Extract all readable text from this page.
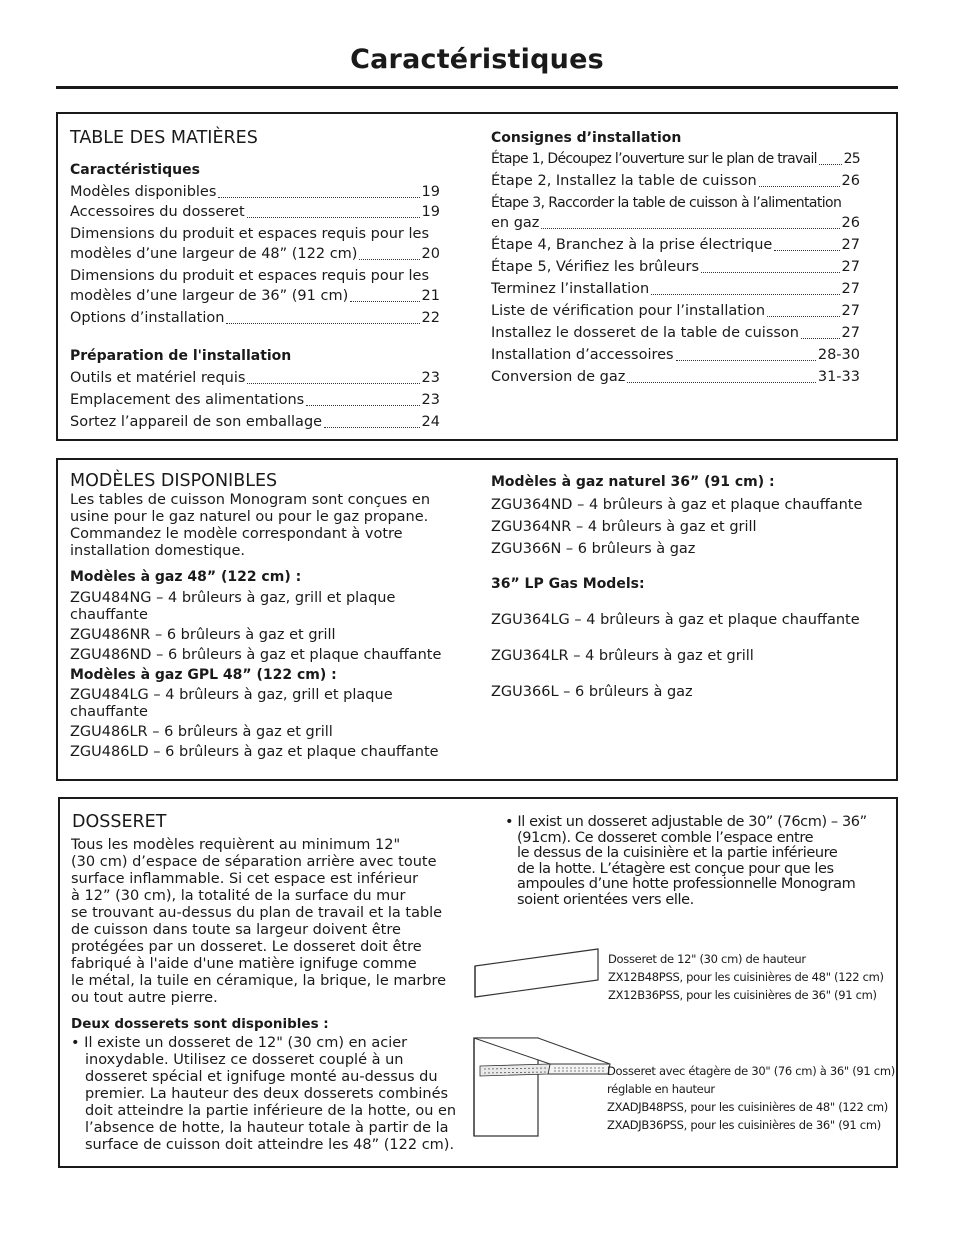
Caractéristiques
TABLE DES MATIÈRES
Caractéristiques
Modèles disponibles	19
Accessoires du dosseret	19
Dimensions du produit et espaces requis pour les
modèles d’une largeur de 48” (122 cm)	20
Dimensions du produit et espaces requis pour les
modèles d’une largeur de 36” (91 cm)	21
Options d’installation	22
Préparation de l'installation
Outils et matériel requis	23
Emplacement des alimentations	23
Sortez l’appareil de son emballage	24
Consignes d’installation
Étape 1, Découpez l’ouverture sur le plan de travail 25
Étape 2, Installez la table de cuisson	26
Étape 3, Raccorder la table de cuisson à l’alimentation
en gaz	26
Étape 4, Branchez à la prise électrique	27
Étape 5, Vérifiez les brûleurs	27
Terminez l’installation	27
Liste de vérification pour l’installation	27
Installez le dosseret de la table de cuisson	27
Installation d’accessoires	28-30
Conversion de gaz	31-33
MODÈLES DISPONIBLES
Les tables de cuisson Monogram sont conçues en usine pour le gaz naturel ou pour le gaz propane. Commandez le modèle correspondant à votre installation domestique.
Modèles à gaz 48” (122 cm) :
ZGU484NG – 4 brûleurs à gaz, grill et plaque chauffante
ZGU486NR – 6 brûleurs à gaz et grill
ZGU486ND – 6 brûleurs à gaz et plaque chauffante
Modèles à gaz GPL 48” (122 cm) :
ZGU484LG – 4 brûleurs à gaz, grill et plaque chauffante
ZGU486LR – 6 brûleurs à gaz et grill
ZGU486LD – 6 brûleurs à gaz et plaque chauffante
Modèles à gaz naturel 36” (91 cm) :
ZGU364ND – 4 brûleurs à gaz et plaque chauffante
ZGU364NR – 4 brûleurs à gaz et grill
ZGU366N – 6 brûleurs à gaz
36” LP Gas Models:
ZGU364LG – 4 brûleurs à gaz et plaque chauffante
ZGU364LR – 4 brûleurs à gaz et grill
ZGU366L – 6 brûleurs à gaz
DOSSERET
Tous les modèles requièrent au minimum 12"
(30 cm) d’espace de séparation arrière avec toute
surface inflammable. Si cet espace est inférieur
à 12” (30 cm), la totalité de la surface du mur
se trouvant au-dessus du plan de travail et la table
de cuisson dans toute sa largeur doivent être
protégées par un dosseret. Le dosseret doit être
fabriqué à l'aide d'une matière ignifuge comme
le métal, la tuile en céramique, la brique, le marbre
ou tout autre pierre.
Deux dosserets sont disponibles :
• Il existe un dosseret de 12" (30 cm) en acier
inoxydable. Utilisez ce dosseret couplé à un
dosseret spécial et ignifuge monté au-dessus du
premier. La hauteur des deux dosserets combinés
doit atteindre la partie inférieure de la hotte, ou en
l’absence de hotte, la hauteur totale à partir de la
surface de cuisson doit atteindre les 48” (122 cm).
• Il exist un dosseret adjustable de 30” (76cm) – 36”
(91cm). Ce dosseret comble l’espace entre
le dessus de la cuisinière et la partie inférieure
de la hotte. L’étagère est conçue pour que les
ampoules d’une hotte professionnelle Monogram
soient orientées vers elle.
Dosseret de 12" (30 cm) de hauteur
ZX12B48PSS, pour les cuisinières de 48" (122 cm)
ZX12B36PSS, pour les cuisinières de 36" (91 cm)
Dosseret avec étagère de 30" (76 cm) à 36" (91 cm)
réglable en hauteur
ZXADJB48PSS, pour les cuisinières de 48" (122 cm)
ZXADJB36PSS, pour les cuisinières de 36" (91 cm)
